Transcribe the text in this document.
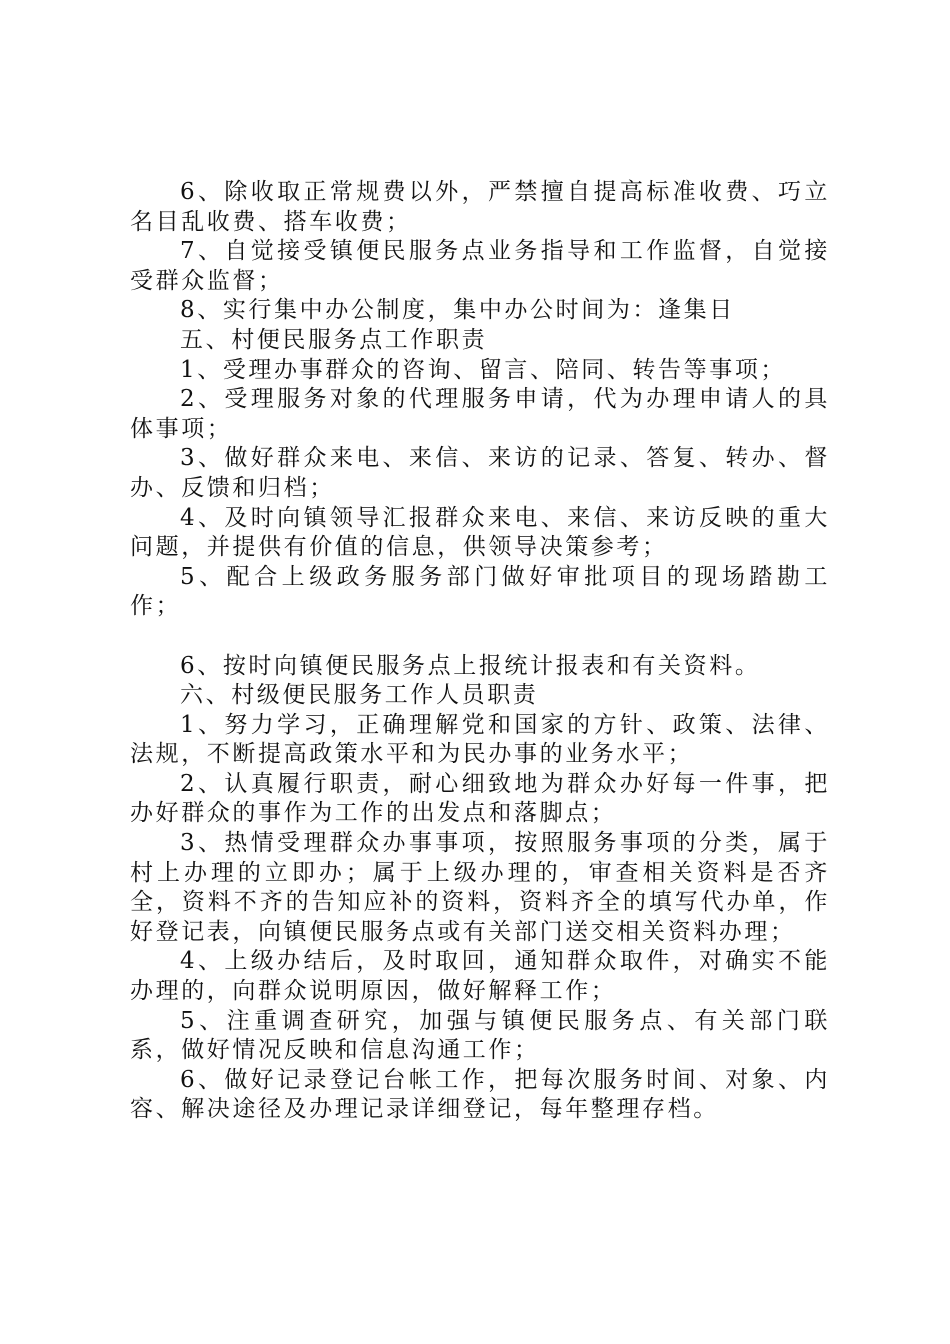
6、除收取正常规费以外，严禁擅自提高标准收费、巧立名目乱收费、搭车收费；

7、自觉接受镇便民服务点业务指导和工作监督，自觉接受群众监督；

8、实行集中办公制度，集中办公时间为：逢集日

五、村便民服务点工作职责

1、受理办事群众的咨询、留言、陪同、转告等事项；

2、受理服务对象的代理服务申请，代为办理申请人的具体事项；

3、做好群众来电、来信、来访的记录、答复、转办、督办、反馈和归档；

4、及时向镇领导汇报群众来电、来信、来访反映的重大问题，并提供有价值的信息，供领导决策参考；

5、配合上级政务服务部门做好审批项目的现场踏勘工作；

6、按时向镇便民服务点上报统计报表和有关资料。

六、村级便民服务工作人员职责

1、努力学习，正确理解党和国家的方针、政策、法律、法规，不断提高政策水平和为民办事的业务水平；

2、认真履行职责，耐心细致地为群众办好每一件事，把办好群众的事作为工作的出发点和落脚点；

3、热情受理群众办事事项，按照服务事项的分类，属于村上办理的立即办；属于上级办理的，审查相关资料是否齐全，资料不齐的告知应补的资料，资料齐全的填写代办单，作好登记表，向镇便民服务点或有关部门送交相关资料办理；

4、上级办结后，及时取回，通知群众取件，对确实不能办理的，向群众说明原因，做好解释工作；

5、注重调查研究，加强与镇便民服务点、有关部门联系，做好情况反映和信息沟通工作；

6、做好记录登记台帐工作，把每次服务时间、对象、内容、解决途径及办理记录详细登记，每年整理存档。
